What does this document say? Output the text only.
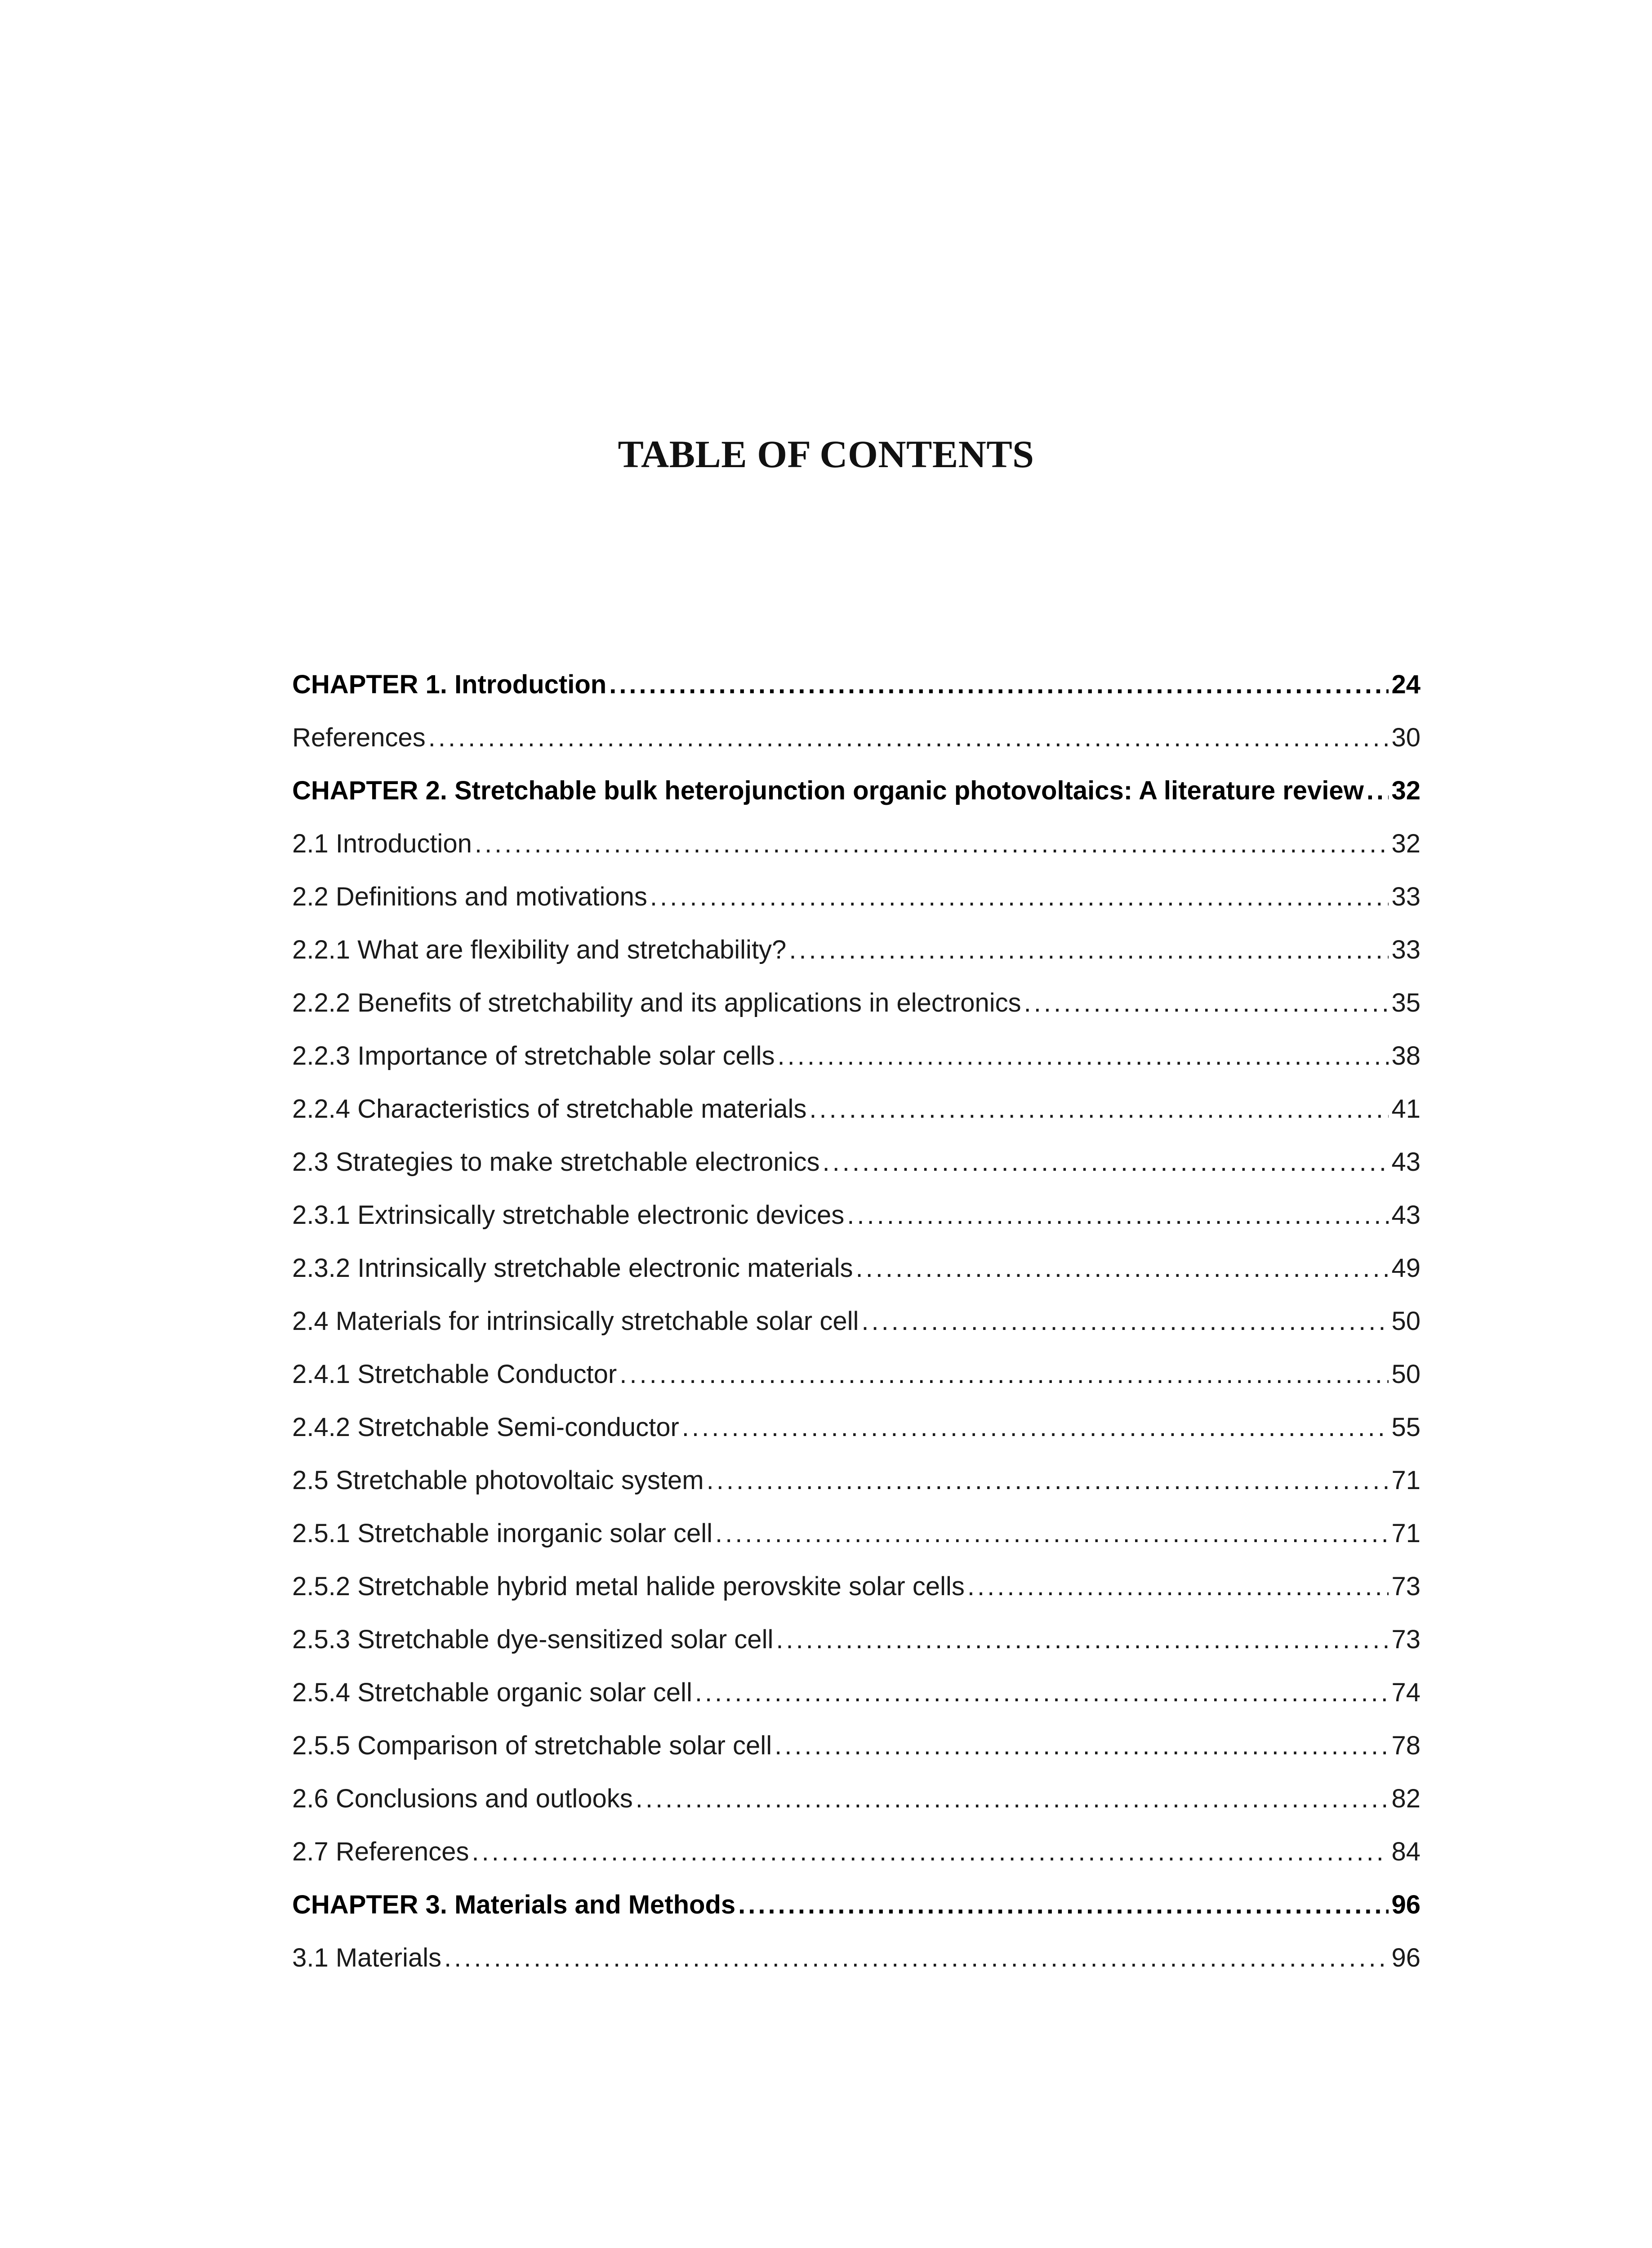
TABLE OF CONTENTS
CHAPTER 1. Introduction .....	24
References .....	30
CHAPTER 2. Stretchable bulk heterojunction organic photovoltaics: A literature review ..... 32
2.1 Introduction .....	32
2.2 Definitions and motivations .....	33
2.2.1 What are flexibility and stretchability? .....	33
2.2.2 Benefits of stretchability and its applications in electronics .....	35
2.2.3 Importance of stretchable solar cells .....	38
2.2.4 Characteristics of stretchable materials .....	41
2.3 Strategies to make stretchable electronics .....	43
2.3.1 Extrinsically stretchable electronic devices .....	43
2.3.2 Intrinsically stretchable electronic materials .....	49
2.4 Materials for intrinsically stretchable solar cell .....	50
2.4.1 Stretchable Conductor .....	50
2.4.2 Stretchable Semi-conductor .....	55
2.5 Stretchable photovoltaic system .....	71
2.5.1 Stretchable inorganic solar cell .....	71
2.5.2 Stretchable hybrid metal halide perovskite solar cells .....	73
2.5.3 Stretchable dye-sensitized solar cell .....	73
2.5.4 Stretchable organic solar cell .....	74
2.5.5 Comparison of stretchable solar cell .....	78
2.6 Conclusions and outlooks .....	82
2.7 References .....	84
CHAPTER 3. Materials and Methods .....	96
3.1 Materials .....	96
